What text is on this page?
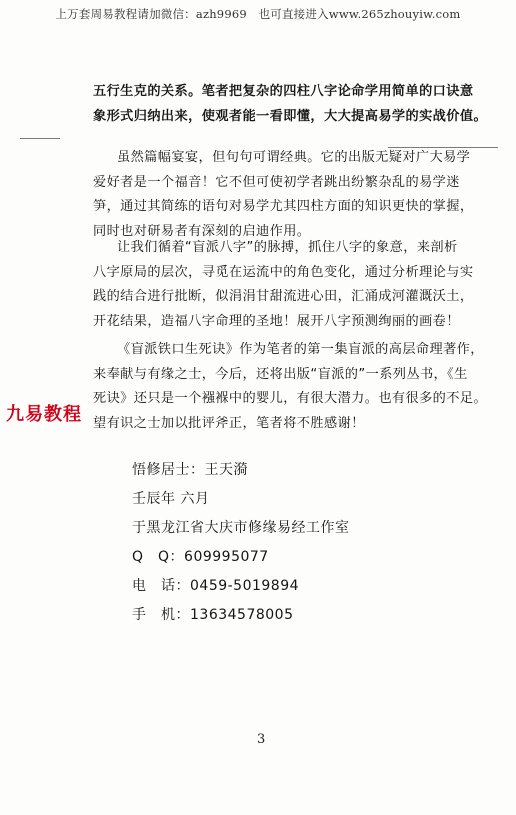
上万套周易教程请加微信：azh9969　也可直接进入www.265zhouyiw.com
五行生克的关系。笔者把复杂的四柱八字论命学用简单的口诀意
象形式归纳出来，使观者能一看即懂，大大提高易学的实战价值。
虽然篇幅宴宴，但句句可谓经典。它的出版无疑对广大易学
爱好者是一个福音！它不但可使初学者跳出纷繁杂乱的易学迷
笋，通过其简练的语句对易学尤其四柱方面的知识更快的掌握，
同时也对研易者有深刻的启迪作用。
让我们循着“盲派八字”的脉搏，抓住八字的象意，来剖析
八字原局的层次，寻觅在运流中的角色变化，通过分析理论与实
践的结合进行批断，似涓涓甘甜流进心田，汇涌成河灌溉沃土，
开花结果，造福八字命理的圣地！展开八字预测绚丽的画卷！
《盲派铁口生死诀》作为笔者的第一集盲派的高层命理著作，
来奉献与有缘之士，今后，还将出版“盲派的”一系列丛书，《生
死诀》还只是一个襁褓中的婴儿，有很大潜力。也有很多的不足。
望有识之士加以批评斧正，笔者将不胜感谢！
九易教程
悟修居士：王天漪
壬辰年 六月
于黑龙江省大庆市修缘易经工作室
Q　Q：609995077
电　话：0459-5019894
手　机：13634578005
3
